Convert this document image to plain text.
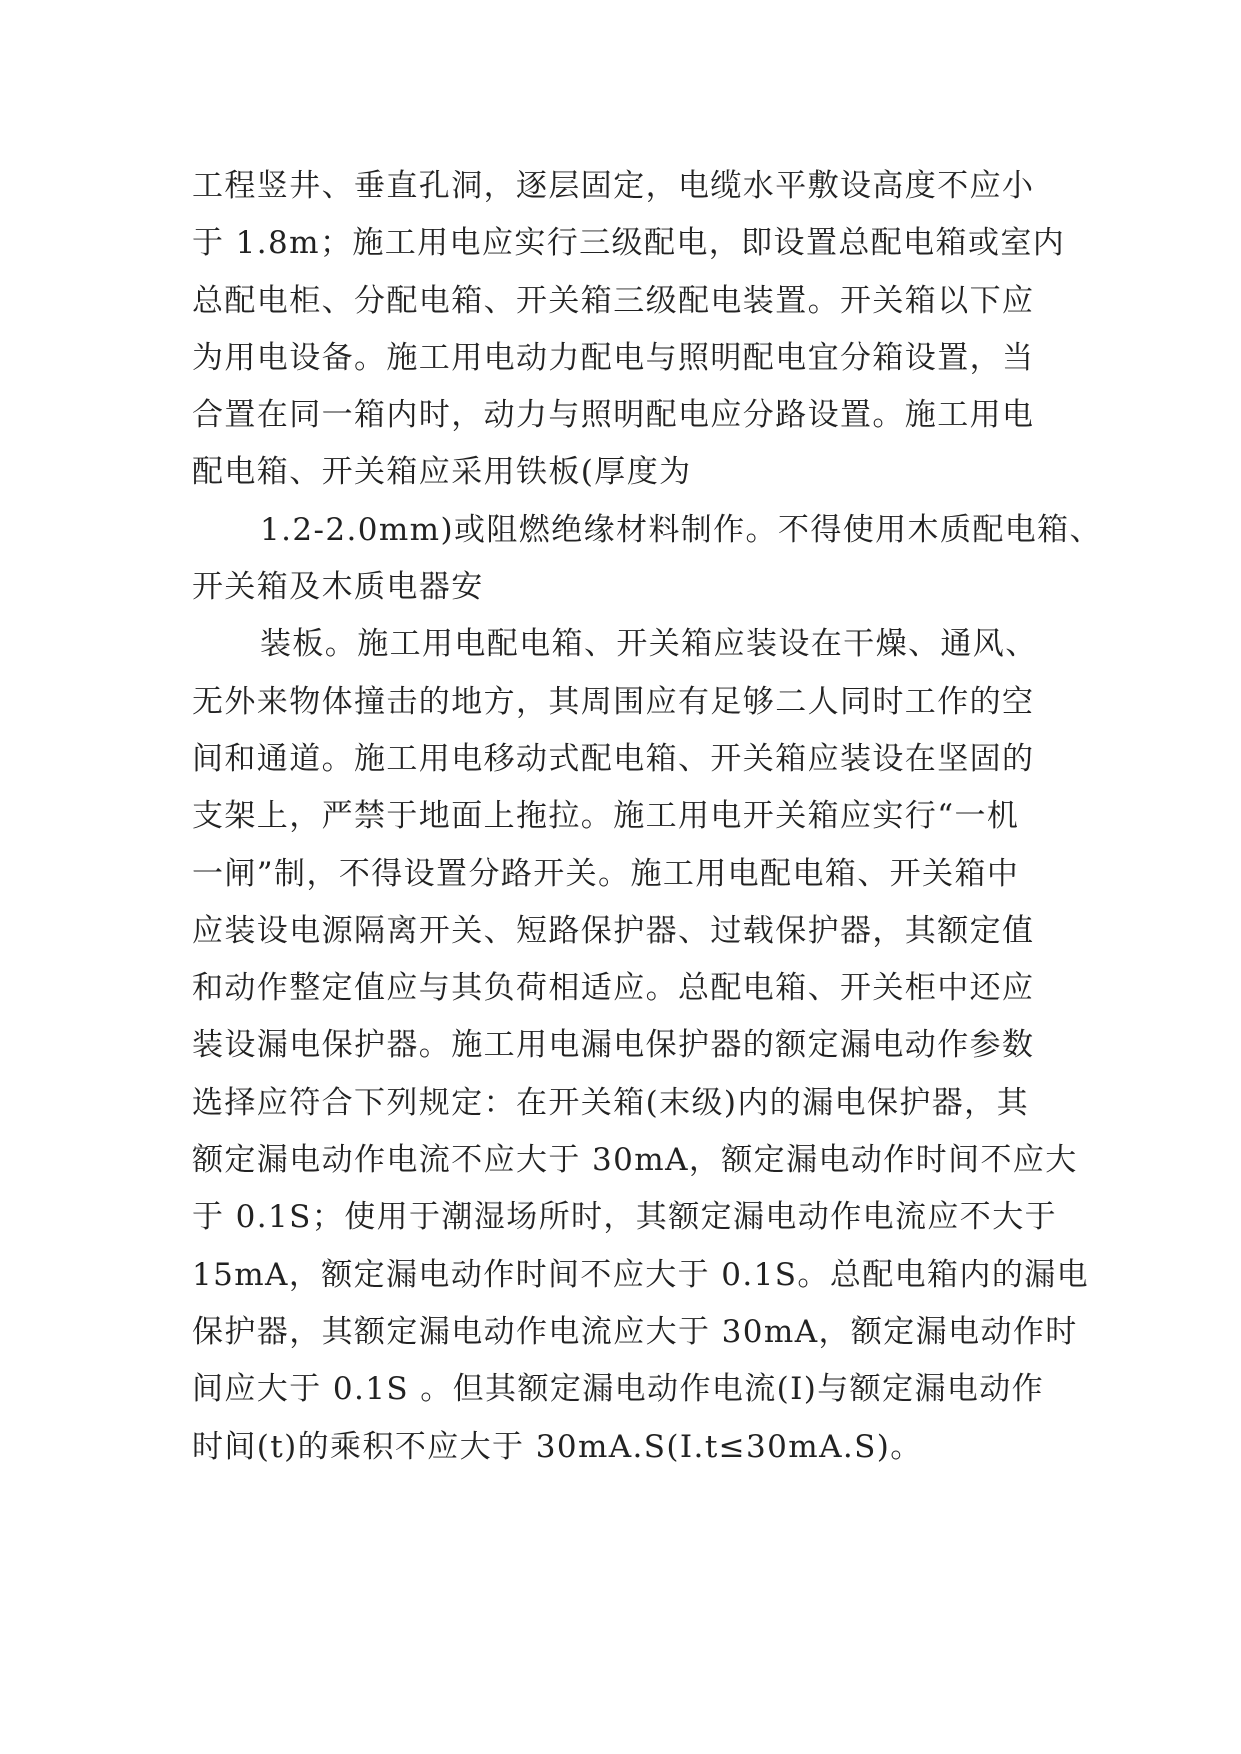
工程竖井、垂直孔洞，逐层固定，电缆水平敷设高度不应小
于 1.8m；施工用电应实行三级配电，即设置总配电箱或室内
总配电柜、分配电箱、开关箱三级配电装置。开关箱以下应
为用电设备。施工用电动力配电与照明配电宜分箱设置，当
合置在同一箱内时，动力与照明配电应分路设置。施工用电
配电箱、开关箱应采用铁板(厚度为
1.2-2.0mm)或阻燃绝缘材料制作。不得使用木质配电箱、
开关箱及木质电器安
装板。施工用电配电箱、开关箱应装设在干燥、通风、
无外来物体撞击的地方，其周围应有足够二人同时工作的空
间和通道。施工用电移动式配电箱、开关箱应装设在坚固的
支架上，严禁于地面上拖拉。施工用电开关箱应实行“一机
一闸”制，不得设置分路开关。施工用电配电箱、开关箱中
应装设电源隔离开关、短路保护器、过载保护器，其额定值
和动作整定值应与其负荷相适应。总配电箱、开关柜中还应
装设漏电保护器。施工用电漏电保护器的额定漏电动作参数
选择应符合下列规定：在开关箱(末级)内的漏电保护器，其
额定漏电动作电流不应大于 30mA，额定漏电动作时间不应大
于 0.1S；使用于潮湿场所时，其额定漏电动作电流应不大于
15mA，额定漏电动作时间不应大于 0.1S。总配电箱内的漏电
保护器，其额定漏电动作电流应大于 30mA，额定漏电动作时
间应大于 0.1S 。但其额定漏电动作电流(I)与额定漏电动作
时间(t)的乘积不应大于 30mA.S(I.t≤30mA.S)。
